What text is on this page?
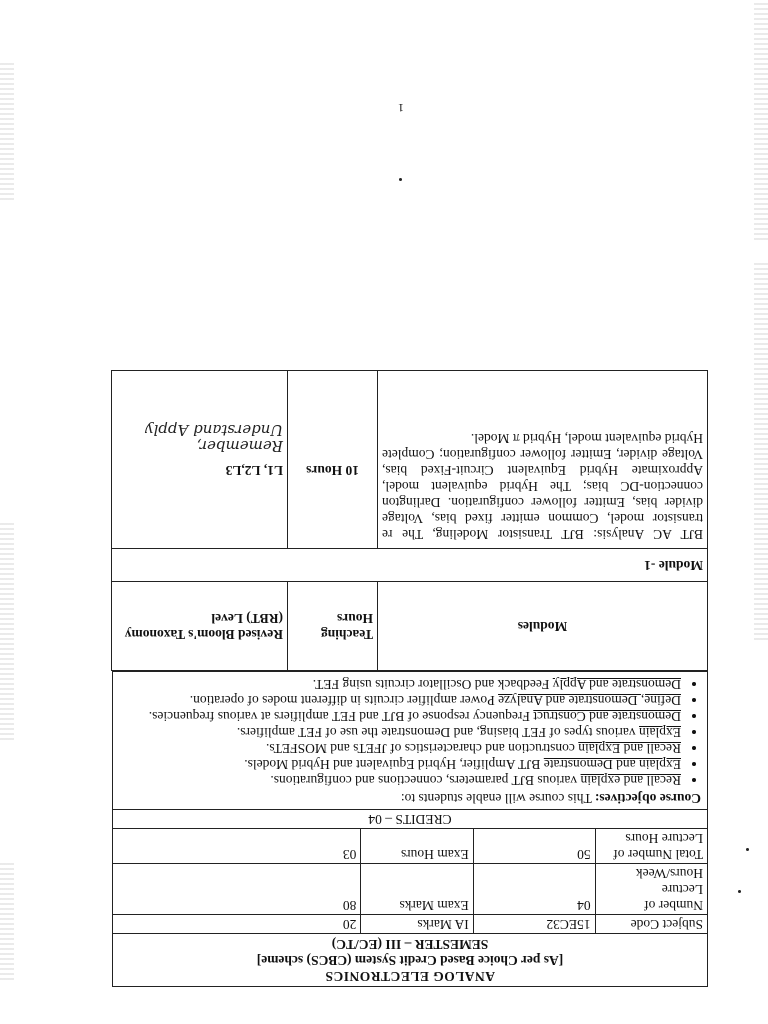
1
ANALOG ELECTRONICS
[As per Choice Based Credit System (CBCS) scheme]
SEMESTER – III (EC/TC)
Subject Code	15EC32	IA Marks	20
Number of Lecture Hours/Week	04	Exam Marks	80
Total Number of Lecture Hours	50	Exam Hours	03
CREDITS – 04
Course objectives: This course will enable students to:
• Recall and explain various BJT parameters, connections and configurations.
• Explain and Demonstrate BJT Amplifier, Hybrid Equivalent and Hybrid Models.
• Recall and Explain construction and characteristics of JFETs and MOSFETs.
• Explain various types of FET biasing, and Demonstrate the use of FET amplifiers.
• Demonstrate and Construct Frequency response of BJT and FET amplifiers at various frequencies.
• Define, Demonstrate and Analyze Power amplifier circuits in different modes of operation.
• Demonstrate and Apply Feedback and Oscillator circuits using FET.
Modules	Teaching Hours	Revised Bloom's Taxonomy (RBT) Level
Module -1		
BJT AC Analysis: BJT Transistor Modeling, The re transistor model, Common emitter fixed bias, Voltage divider bias, Emitter follower configuration. Darlington connection-DC bias; The Hybrid equivalent model, Approximate Hybrid Equivalent Circuit-Fixed bias, Voltage divider, Emitter follower configuration; Complete Hybrid equivalent model, Hybrid π Model.	10 Hours	L1, L2,L3
Remember, Understand Apply
